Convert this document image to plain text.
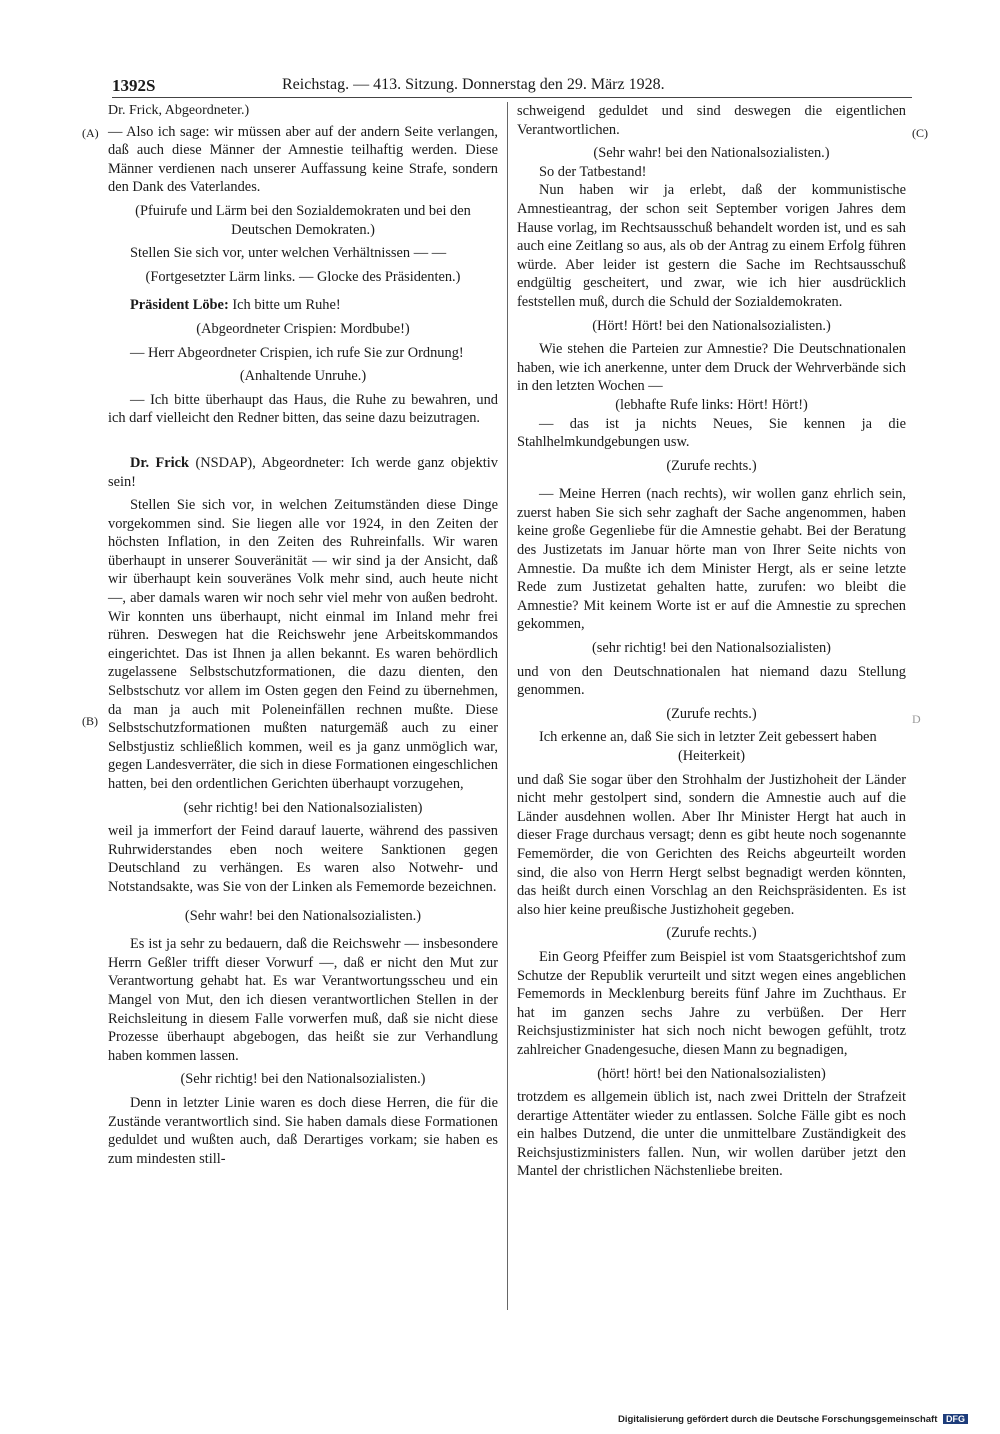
1392S	Reichstag. — 413. Sitzung. Donnerstag den 29. März 1928.
(A)
(B)
(C)
D

Dr. Frick, Abgeordneter.)

— Also ich sage: wir müssen aber auf der andern Seite verlangen, daß auch diese Männer der Amnestie teilhaftig werden. Diese Männer verdienen nach unserer Auffassung keine Strafe, sondern den Dank des Vaterlandes.

(Pfuirufe und Lärm bei den Sozialdemokraten und bei den Deutschen Demokraten.)

Stellen Sie sich vor, unter welchen Verhältnissen — —

(Fortgesetzter Lärm links. — Glocke des Präsidenten.)

Präsident Löbe: Ich bitte um Ruhe!

(Abgeordneter Crispien: Mordbube!)

— Herr Abgeordneter Crispien, ich rufe Sie zur Ordnung!

(Anhaltende Unruhe.)

— Ich bitte überhaupt das Haus, die Ruhe zu bewahren, und ich darf vielleicht den Redner bitten, das seine dazu beizutragen.

Dr. Frick (NSDAP), Abgeordneter: Ich werde ganz objektiv sein!

Stellen Sie sich vor, in welchen Zeitumständen diese Dinge vorgekommen sind. Sie liegen alle vor 1924, in den Zeiten der höchsten Inflation, in den Zeiten des Ruhreinfalls. Wir waren überhaupt in unserer Souveränität — wir sind ja der Ansicht, daß wir überhaupt kein souveränes Volk mehr sind, auch heute nicht —, aber damals waren wir noch sehr viel mehr von außen bedroht. Wir konnten uns überhaupt, nicht einmal im Inland mehr frei rühren. Deswegen hat die Reichswehr jene Arbeitskommandos eingerichtet. Das ist Ihnen ja allen bekannt. Es waren behördlich zugelassene Selbstschutzformationen, die dazu dienten, den Selbstschutz vor allem im Osten gegen den Feind zu übernehmen, da man ja auch mit Poleneinfällen rechnen mußte. Diese Selbstschutzformationen mußten naturgemäß auch zu einer Selbstjustiz schließlich kommen, weil es ja ganz unmöglich war, gegen Landesverräter, die sich in diese Formationen eingeschlichen hatten, bei den ordentlichen Gerichten überhaupt vorzugehen,

(sehr richtig! bei den Nationalsozialisten)

weil ja immerfort der Feind darauf lauerte, während des passiven Ruhrwiderstandes eben noch weitere Sanktionen gegen Deutschland zu verhängen. Es waren also Notwehr- und Notstandsakte, was Sie von der Linken als Fememorde bezeichnen.

(Sehr wahr! bei den Nationalsozialisten.)

Es ist ja sehr zu bedauern, daß die Reichswehr — insbesondere Herrn Geßler trifft dieser Vorwurf —, daß er nicht den Mut zur Verantwortung gehabt hat. Es war Verantwortungsscheu und ein Mangel von Mut, den ich diesen verantwortlichen Stellen in der Reichsleitung in diesem Falle vorwerfen muß, daß sie nicht diese Prozesse überhaupt abgebogen, das heißt sie zur Verhandlung haben kommen lassen.

(Sehr richtig! bei den Nationalsozialisten.)

Denn in letzter Linie waren es doch diese Herren, die für die Zustände verantwortlich sind. Sie haben damals diese Formationen geduldet und wußten auch, daß Derartiges vorkam; sie haben es zum mindesten still-

schweigend geduldet und sind deswegen die eigentlichen Verantwortlichen.

(Sehr wahr! bei den Nationalsozialisten.)

So der Tatbestand!

Nun haben wir ja erlebt, daß der kommunistische Amnestieantrag, der schon seit September vorigen Jahres dem Hause vorlag, im Rechtsausschuß behandelt worden ist, und es sah auch eine Zeitlang so aus, als ob der Antrag zu einem Erfolg führen würde. Aber leider ist gestern die Sache im Rechtsausschuß endgültig gescheitert, und zwar, wie ich hier ausdrücklich feststellen muß, durch die Schuld der Sozialdemokraten.

(Hört! Hört! bei den Nationalsozialisten.)

Wie stehen die Parteien zur Amnestie? Die Deutschnationalen haben, wie ich anerkenne, unter dem Druck der Wehrverbände sich in den letzten Wochen —

(lebhafte Rufe links: Hört! Hört!)

— das ist ja nichts Neues, Sie kennen ja die Stahlhelmkundgebungen usw.

(Zurufe rechts.)

— Meine Herren (nach rechts), wir wollen ganz ehrlich sein, zuerst haben Sie sich sehr zaghaft der Sache angenommen, haben keine große Gegenliebe für die Amnestie gehabt. Bei der Beratung des Justizetats im Januar hörte man von Ihrer Seite nichts von Amnestie. Da mußte ich dem Minister Hergt, als er seine letzte Rede zum Justizetat gehalten hatte, zurufen: wo bleibt die Amnestie? Mit keinem Worte ist er auf die Amnestie zu sprechen gekommen,

(sehr richtig! bei den Nationalsozialisten)

und von den Deutschnationalen hat niemand dazu Stellung genommen.

(Zurufe rechts.)

Ich erkenne an, daß Sie sich in letzter Zeit gebessert haben

(Heiterkeit)

und daß Sie sogar über den Strohhalm der Justizhoheit der Länder nicht mehr gestolpert sind, sondern die Amnestie auch auf die Länder ausdehnen wollen. Aber Ihr Minister Hergt hat auch in dieser Frage durchaus versagt; denn es gibt heute noch sogenannte Fememörder, die von Gerichten des Reichs abgeurteilt worden sind, die also von Herrn Hergt selbst begnadigt werden könnten, das heißt durch einen Vorschlag an den Reichspräsidenten. Es ist also hier keine preußische Justizhoheit gegeben.

(Zurufe rechts.)

Ein Georg Pfeiffer zum Beispiel ist vom Staatsgerichtshof zum Schutze der Republik verurteilt und sitzt wegen eines angeblichen Fememords in Mecklenburg bereits fünf Jahre im Zuchthaus. Er hat im ganzen sechs Jahre zu verbüßen. Der Herr Reichsjustizminister hat sich noch nicht bewogen gefühlt, trotz zahlreicher Gnadengesuche, diesen Mann zu begnadigen,

(hört! hört! bei den Nationalsozialisten)

trotzdem es allgemein üblich ist, nach zwei Dritteln der Strafzeit derartige Attentäter wieder zu entlassen. Solche Fälle gibt es noch ein halbes Dutzend, die unter die unmittelbare Zuständigkeit des Reichsjustizministers fallen. Nun, wir wollen darüber jetzt den Mantel der christlichen Nächstenliebe breiten.

Digitalisierung gefördert durch die Deutsche Forschungsgemeinschaft DFG
